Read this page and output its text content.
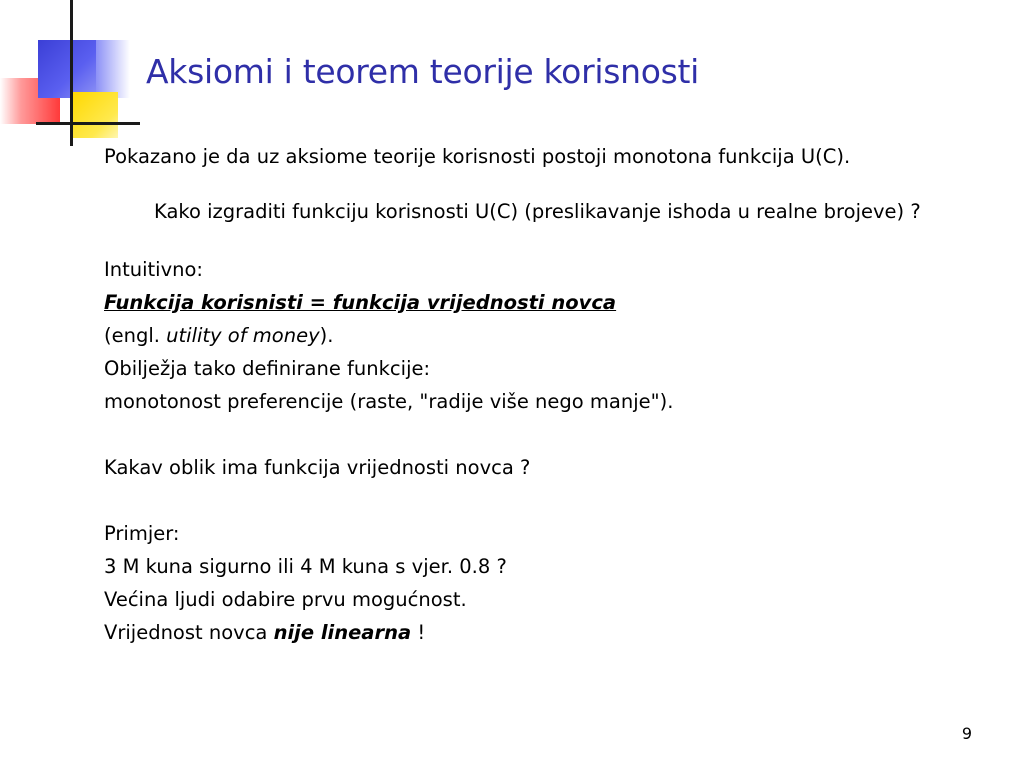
Aksiomi i teorem teorije korisnosti

Pokazano je da uz aksiome teorije korisnosti postoji monotona funkcija U(C).

Kako izgraditi funkciju korisnosti U(C) (preslikavanje ishoda u realne brojeve) ?

Intuitivno:

Funkcija korisnisti = funkcija vrijednosti novca

(engl. utility of money).

Obilježja tako definirane funkcije:

monotonost preferencije (raste, "radije više nego manje").

Kakav oblik ima funkcija vrijednosti novca ?

Primjer:

3 M kuna sigurno ili 4 M kuna s vjer. 0.8 ?

Većina ljudi odabire prvu mogućnost.

Vrijednost novca nije linearna !

9
